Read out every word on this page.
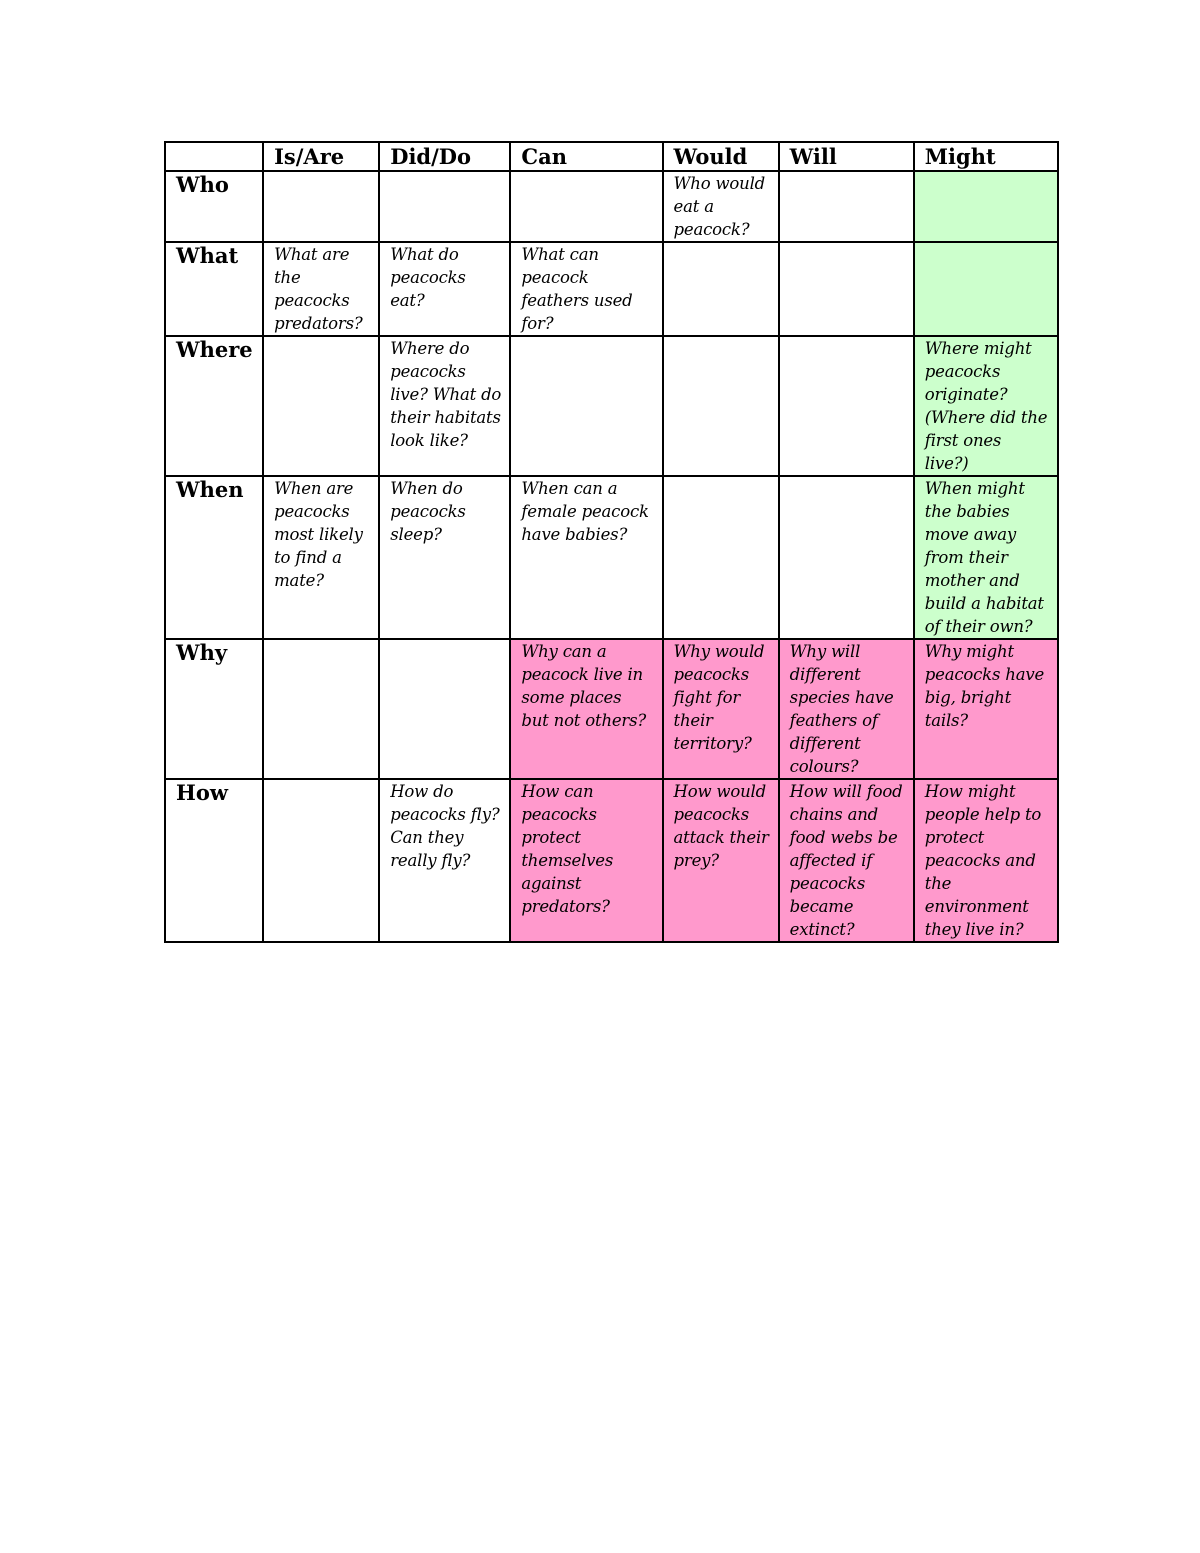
	Is/Are	Did/Do	Can	Would	Will	Might
Who				Who would eat a peacock?		
What	What are the peacocks predators?	What do peacocks eat?	What can peacock feathers used for?			
Where		Where do peacocks live? What do their habitats look like?				Where might peacocks originate? (Where did the first ones live?)
When	When are peacocks most likely to find a mate?	When do peacocks sleep?	When can a female peacock have babies?			When might the babies move away from their mother and build a habitat of their own?
Why			Why can a peacock live in some places but not others?	Why would peacocks fight for their territory?	Why will different species have feathers of different colours?	Why might peacocks have big, bright tails?
How		How do peacocks fly? Can they really fly?	How can peacocks protect themselves against predators?	How would peacocks attack their prey?	How will food chains and food webs be affected if peacocks became extinct?	How might people help to protect peacocks and the environment they live in?
